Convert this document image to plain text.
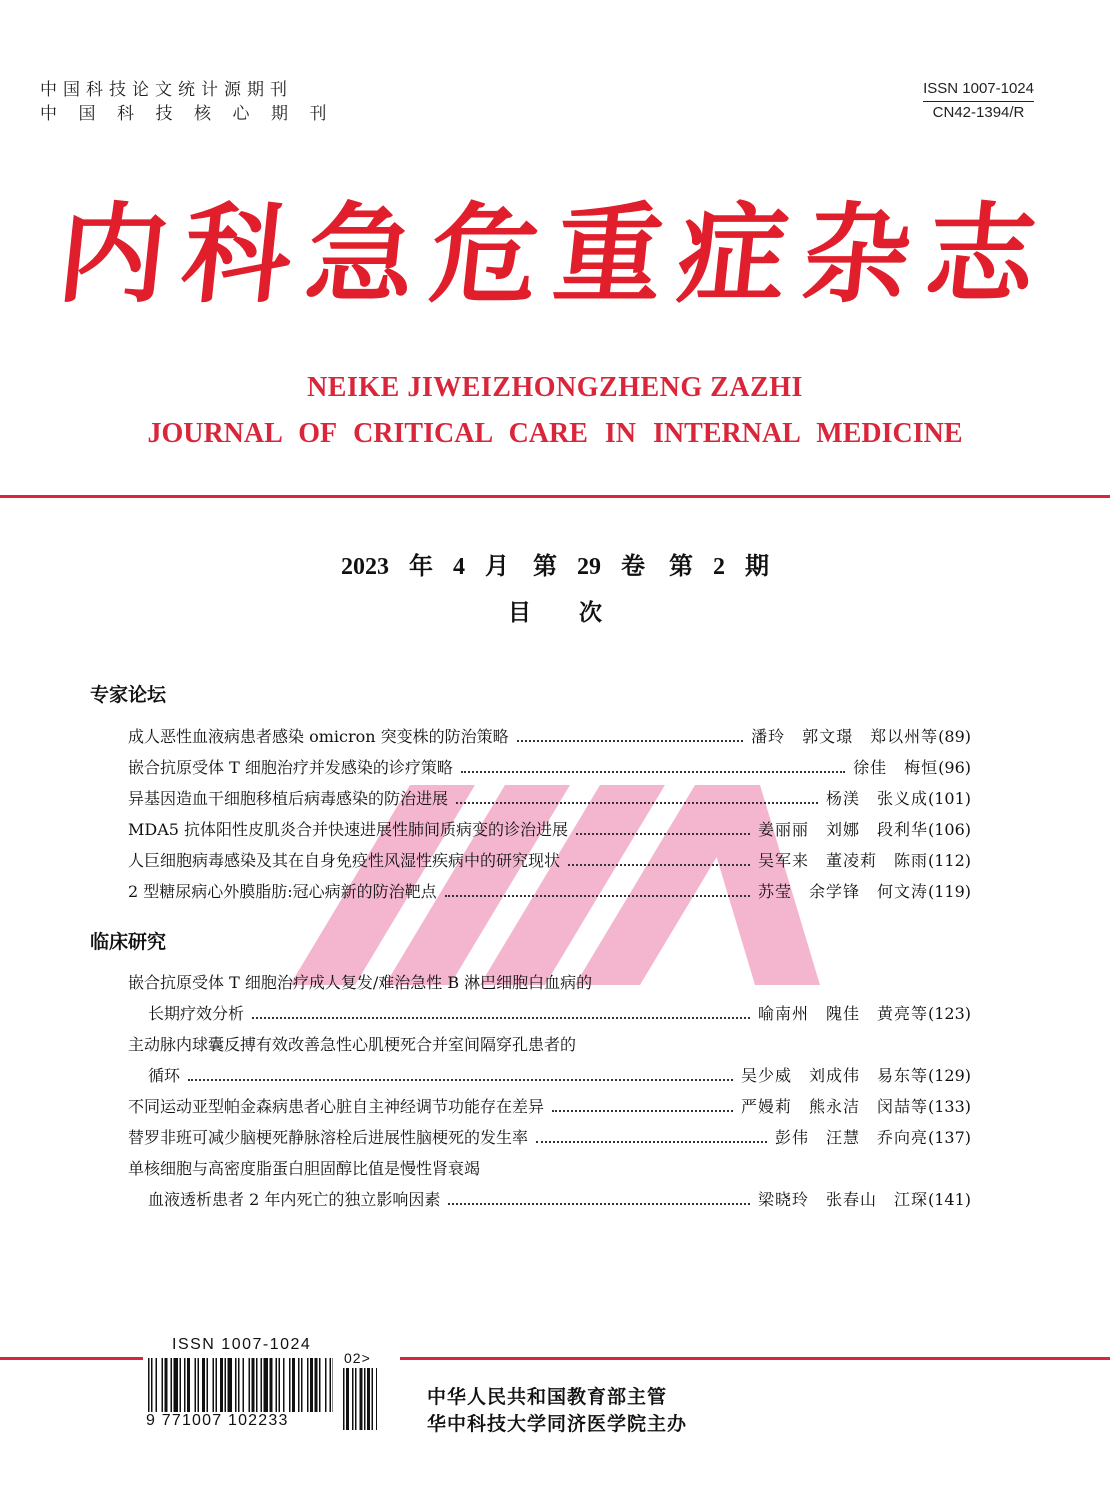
中国科技论文统计源期刊
中国科技核心期刊
ISSN 1007-1024
CN42-1394/R
内科急危重症杂志
NEIKE JIWEIZHONGZHENG ZAZHI
JOURNAL OF CRITICAL CARE IN INTERNAL MEDICINE
2023 年 4 月　第 29 卷　第 2 期
目次
专家论坛
成人恶性血液病患者感染 omicron 突变株的防治策略	潘玲　郭文璟　郑以州等 (89)
嵌合抗原受体 T 细胞治疗并发感染的诊疗策略	徐佳　梅恒 (96)
异基因造血干细胞移植后病毒感染的防治进展	杨渼　张义成 (101)
MDA5 抗体阳性皮肌炎合并快速进展性肺间质病变的诊治进展	姜丽丽　刘娜　段利华 (106)
人巨细胞病毒感染及其在自身免疫性风湿性疾病中的研究现状	吴军来　董凌莉　陈雨 (112)
2 型糖尿病心外膜脂肪:冠心病新的防治靶点	苏莹　余学锋　何文涛 (119)
临床研究
嵌合抗原受体 T 细胞治疗成人复发/难治急性 B 淋巴细胞白血病的
长期疗效分析	喻南州　隗佳　黄亮等 (123)
主动脉内球囊反搏有效改善急性心肌梗死合并室间隔穿孔患者的
循环	吴少威　刘成伟　易东等 (129)
不同运动亚型帕金森病患者心脏自主神经调节功能存在差异	严嫚莉　熊永洁　闵喆等 (133)
替罗非班可减少脑梗死静脉溶栓后进展性脑梗死的发生率	彭伟　汪慧　乔向亮 (137)
单核细胞与高密度脂蛋白胆固醇比值是慢性肾衰竭
血液透析患者 2 年内死亡的独立影响因素	梁晓玲　张春山　江琛 (141)
ISSN 1007-1024
9 771007 102233
02>
中华人民共和国教育部主管
华中科技大学同济医学院主办
